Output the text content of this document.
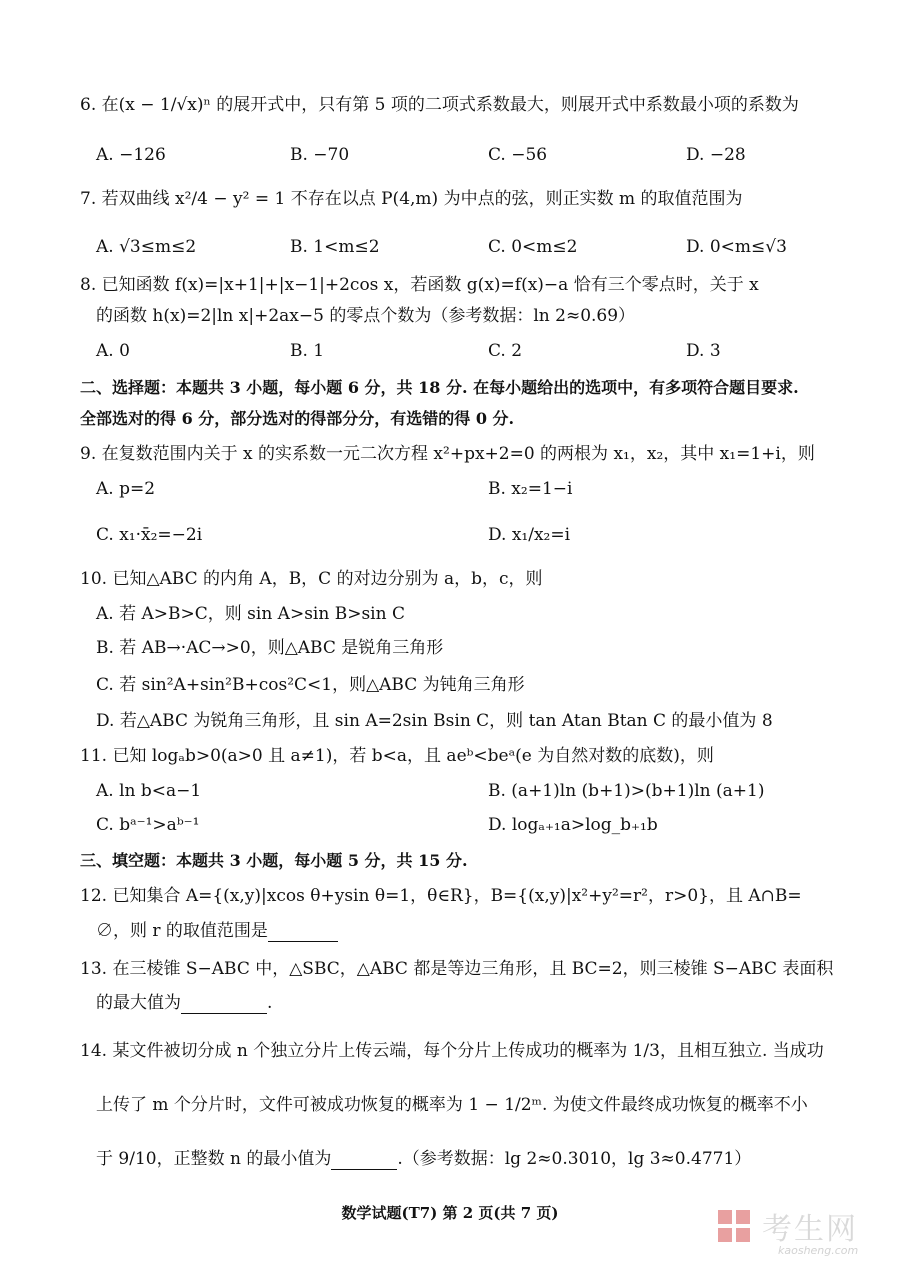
6. 在(x − 1/√x)ⁿ 的展开式中，只有第 5 项的二项式系数最大，则展开式中系数最小项的系数为
A. −126	B. −70	C. −56	D. −28
7. 若双曲线 x²/4 − y² = 1 不存在以点 P(4,m) 为中点的弦，则正实数 m 的取值范围为
A. √3≤m≤2	B. 1<m≤2	C. 0<m≤2	D. 0<m≤√3
8. 已知函数 f(x)=|x+1|+|x−1|+2cos x，若函数 g(x)=f(x)−a 恰有三个零点时，关于 x
的函数 h(x)=2|ln x|+2ax−5 的零点个数为（参考数据：ln 2≈0.69）
A. 0	B. 1	C. 2	D. 3
二、选择题：本题共 3 小题，每小题 6 分，共 18 分. 在每小题给出的选项中，有多项符合题目要求.
全部选对的得 6 分，部分选对的得部分分，有选错的得 0 分.
9. 在复数范围内关于 x 的实系数一元二次方程 x²+px+2=0 的两根为 x₁，x₂，其中 x₁=1+i，则
A. p=2	B. x₂=1−i
C. x₁·x̄₂=−2i	D. x₁/x₂=i
10. 已知△ABC 的内角 A，B，C 的对边分别为 a，b，c，则
A. 若 A>B>C，则 sin A>sin B>sin C
B. 若 AB→·AC→>0，则△ABC 是锐角三角形
C. 若 sin²A+sin²B+cos²C<1，则△ABC 为钝角三角形
D. 若△ABC 为锐角三角形，且 sin A=2sin Bsin C，则 tan Atan Btan C 的最小值为 8
11. 已知 logₐb>0(a>0 且 a≠1)，若 b<a，且 aeᵇ<beᵃ(e 为自然对数的底数)，则
A. ln b<a−1	B. (a+1)ln (b+1)>(b+1)ln (a+1)
C. bᵃ⁻¹>aᵇ⁻¹	D. logₐ₊₁a>log_b₊₁b
三、填空题：本题共 3 小题，每小题 5 分，共 15 分.
12. 已知集合 A={(x,y)|xcos θ+ysin θ=1，θ∈R}，B={(x,y)|x²+y²=r²，r>0}，且 A∩B=
∅，则 r 的取值范围是
13. 在三棱锥 S−ABC 中，△SBC，△ABC 都是等边三角形，且 BC=2，则三棱锥 S−ABC 表面积
的最大值为	.
14. 某文件被切分成 n 个独立分片上传云端，每个分片上传成功的概率为 1/3，且相互独立. 当成功
上传了 m 个分片时，文件可被成功恢复的概率为 1 − 1/2ᵐ. 为使文件最终成功恢复的概率不小
于 9/10，正整数 n 的最小值为	.（参考数据：lg 2≈0.3010，lg 3≈0.4771）
数学试题(T7) 第 2 页(共 7 页)	考生网
kaosheng.com
